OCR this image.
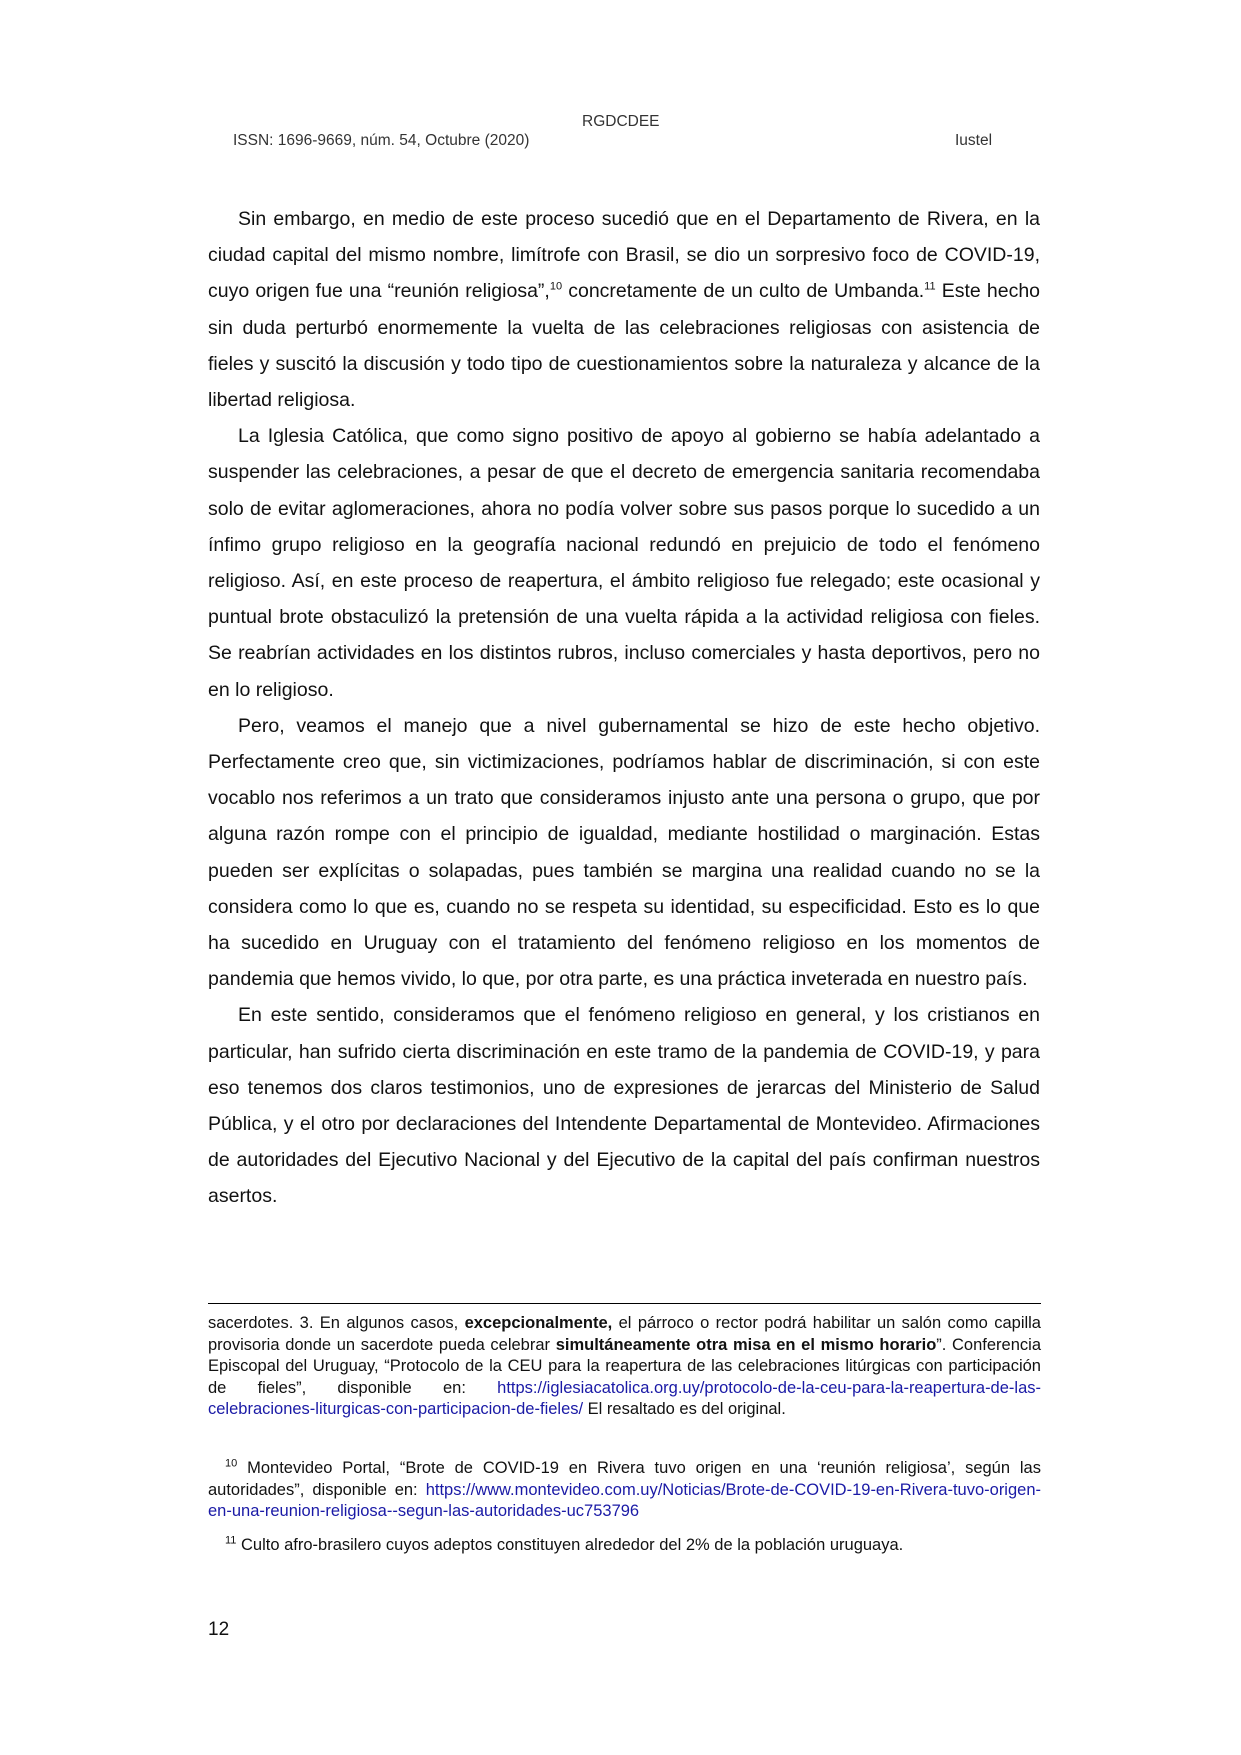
RGDCDEE
ISSN: 1696-9669, núm. 54, Octubre (2020)	Iustel

Sin embargo, en medio de este proceso sucedió que en el Departamento de Rivera, en la ciudad capital del mismo nombre, limítrofe con Brasil, se dio un sorpresivo foco de COVID-19, cuyo origen fue una “reunión religiosa”,$^{10}$ concretamente de un culto de Umbanda.$^{11}$ Este hecho sin duda perturbó enormemente la vuelta de las celebraciones religiosas con asistencia de fieles y suscitó la discusión y todo tipo de cuestionamientos sobre la naturaleza y alcance de la libertad religiosa.

La Iglesia Católica, que como signo positivo de apoyo al gobierno se había adelantado a suspender las celebraciones, a pesar de que el decreto de emergencia sanitaria recomendaba solo de evitar aglomeraciones, ahora no podía volver sobre sus pasos porque lo sucedido a un ínfimo grupo religioso en la geografía nacional redundó en prejuicio de todo el fenómeno religioso. Así, en este proceso de reapertura, el ámbito religioso fue relegado; este ocasional y puntual brote obstaculizó la pretensión de una vuelta rápida a la actividad religiosa con fieles. Se reabrían actividades en los distintos rubros, incluso comerciales y hasta deportivos, pero no en lo religioso.

Pero, veamos el manejo que a nivel gubernamental se hizo de este hecho objetivo. Perfectamente creo que, sin victimizaciones, podríamos hablar de discriminación, si con este vocablo nos referimos a un trato que consideramos injusto ante una persona o grupo, que por alguna razón rompe con el principio de igualdad, mediante hostilidad o marginación. Estas pueden ser explícitas o solapadas, pues también se margina una realidad cuando no se la considera como lo que es, cuando no se respeta su identidad, su especificidad. Esto es lo que ha sucedido en Uruguay con el tratamiento del fenómeno religioso en los momentos de pandemia que hemos vivido, lo que, por otra parte, es una práctica inveterada en nuestro país.

En este sentido, consideramos que el fenómeno religioso en general, y los cristianos en particular, han sufrido cierta discriminación en este tramo de la pandemia de COVID-19, y para eso tenemos dos claros testimonios, uno de expresiones de jerarcas del Ministerio de Salud Pública, y el otro por declaraciones del Intendente Departamental de Montevideo. Afirmaciones de autoridades del Ejecutivo Nacional y del Ejecutivo de la capital del país confirman nuestros asertos.

sacerdotes. 3. En algunos casos, excepcionalmente, el párroco o rector podrá habilitar un salón como capilla provisoria donde un sacerdote pueda celebrar simultáneamente otra misa en el mismo horario”. Conferencia Episcopal del Uruguay, “Protocolo de la CEU para la reapertura de las celebraciones litúrgicas con participación de fieles”, disponible en: https://iglesiacatolica.org.uy/protocolo-de-la-ceu-para-la-reapertura-de-las-celebraciones-liturgicas-con-participacion-de-fieles/ El resaltado es del original.

$^{10}$ Montevideo Portal, “Brote de COVID-19 en Rivera tuvo origen en una ‘reunión religiosa’, según las autoridades”, disponible en: https://www.montevideo.com.uy/Noticias/Brote-de-COVID-19-en-Rivera-tuvo-origen-en-una-reunion-religiosa--segun-las-autoridades-uc753796

$^{11}$ Culto afro-brasilero cuyos adeptos constituyen alrededor del 2% de la población uruguaya.

12
